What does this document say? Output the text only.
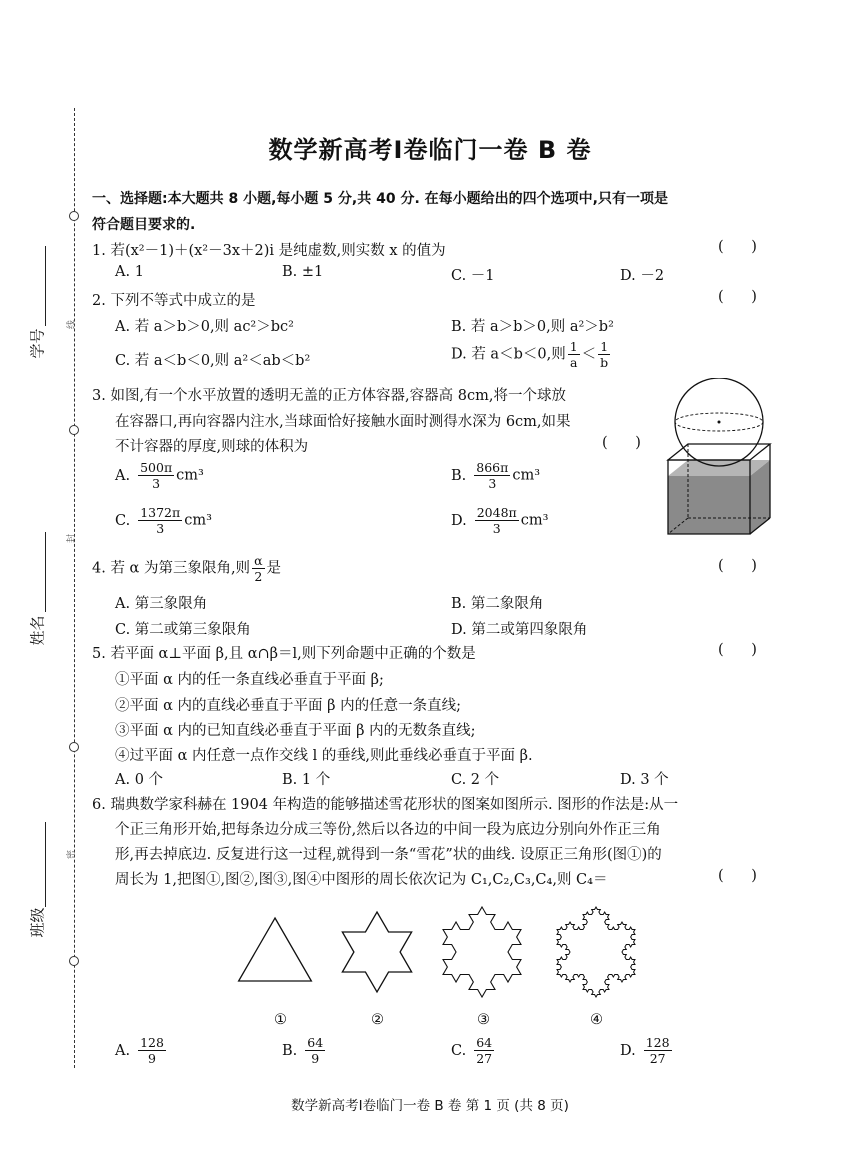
线
封
密
学号
姓名
班级
数学新高考Ⅰ卷临门一卷 B 卷
一、选择题:本大题共 8 小题,每小题 5 分,共 40 分. 在每小题给出的四个选项中,只有一项是
符合题目要求的.
1. 若(x²－1)＋(x²－3x＋2)i 是纯虚数,则实数 x 的值为	(      )
A. 1	B. ±1	C. －1	D. －2
2. 下列不等式中成立的是	(      )
A. 若 a＞b＞0,则 ac²＞bc²	B. 若 a＞b＞0,则 a²＞b²
C. 若 a＜b＜0,则 a²＜ab＜b²	D. 若 a＜b＜0,则 $\frac{1}{a} < \frac{1}{b}$
3. 如图,有一个水平放置的透明无盖的正方体容器,容器高 8cm,将一个球放
在容器口,再向容器内注水,当球面恰好接触水面时测得水深为 6cm,如果
不计容器的厚度,则球的体积为	(      )
A. $\frac{500\pi}{3} cm^3$	B. $\frac{866\pi}{3} cm^3$
C. $\frac{1372\pi}{3} cm^3$	D. $\frac{2048\pi}{3} cm^3$
4. 若 α 为第三象限角,则 $\frac{\alpha}{2}$ 是	(      )
A. 第三象限角	B. 第二象限角
C. 第二或第三象限角	D. 第二或第四象限角
5. 若平面 α⊥平面 β,且 α∩β＝l,则下列命题中正确的个数是	(      )
①平面 α 内的任一条直线必垂直于平面 β;
②平面 α 内的直线必垂直于平面 β 内的任意一条直线;
③平面 α 内的已知直线必垂直于平面 β 内的无数条直线;
④过平面 α 内任意一点作交线 l 的垂线,则此垂线必垂直于平面 β.
A. 0 个	B. 1 个	C. 2 个	D. 3 个
6. 瑞典数学家科赫在 1904 年构造的能够描述雪花形状的图案如图所示. 图形的作法是:从一
个正三角形开始,把每条边分成三等份,然后以各边的中间一段为底边分别向外作正三角
形,再去掉底边. 反复进行这一过程,就得到一条“雪花”状的曲线. 设原正三角形(图①)的
周长为 1,把图①,图②,图③,图④中图形的周长依次记为 C₁,C₂,C₃,C₄,则 C₄＝	(      )
①	②	③	④
A. $\frac{128}{9}$	B. $\frac{64}{9}$	C. $\frac{64}{27}$	D. $\frac{128}{27}$
数学新高考Ⅰ卷临门一卷 B 卷 第 1 页 (共 8 页)
